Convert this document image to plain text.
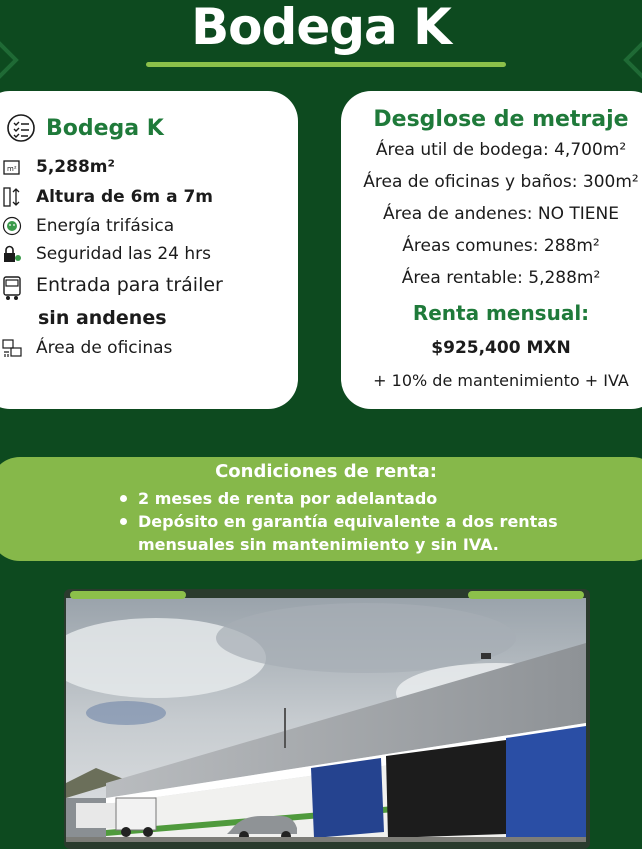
Bodega K
Bodega K
m² 5,288m²
Altura de 6m a 7m
Energía trifásica
Seguridad las 24 hrs
Entrada para tráiler
sin andenes
Área de oficinas
Desglose de metraje
Área util de bodega: 4,700m²
Área de oficinas y baños: 300m²
Área de andenes: NO TIENE
Áreas comunes: 288m²
Área rentable: 5,288m²
Renta mensual:
$925,400 MXN
+ 10% de mantenimiento + IVA
Condiciones de renta:
2 meses de renta por adelantado
Depósito en garantía equivalente a dos rentas mensuales sin mantenimiento y sin IVA.
